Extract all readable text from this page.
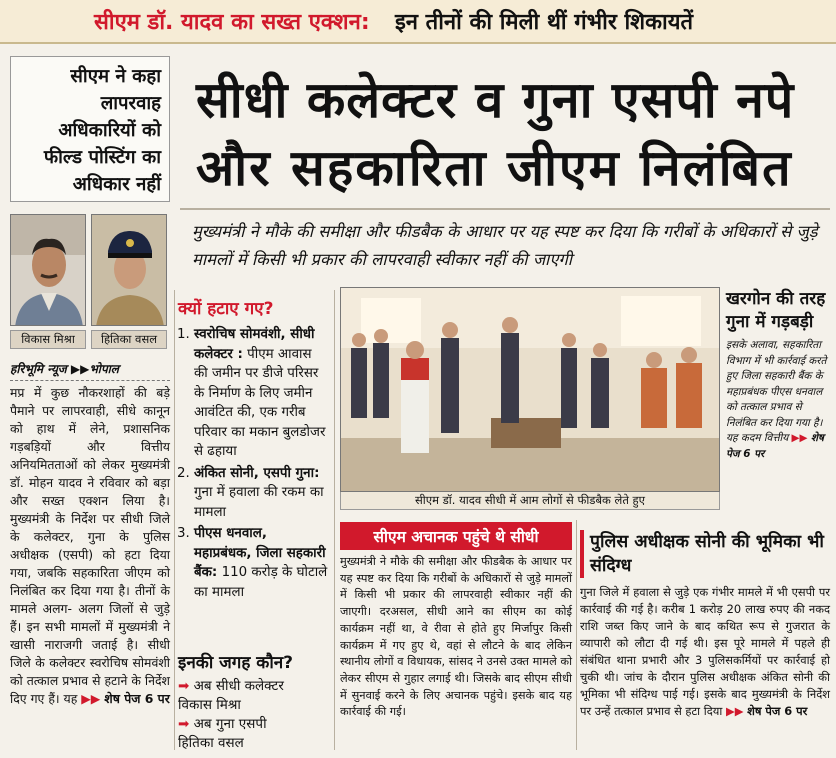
सीएम डॉ. यादव का सख्त एक्शन: इन तीनों की मिली थीं गंभीर शिकायतें
सीएम ने कहा
लापरवाह
अधिकारियों को
फील्ड पोस्टिंग का
अधिकार नहीं
सीधी कलेक्टर व गुना एसपी नपे
और सहकारिता जीएम निलंबित
मुख्यमंत्री ने मौके की समीक्षा और फीडबैक के आधार पर यह स्पष्ट कर दिया कि गरीबों के अधिकारों से जुड़े मामलों में किसी भी प्रकार की लापरवाही स्वीकार नहीं की जाएगी
विकास मिश्रा	हितिका वसल
हरिभूमि न्यूज ▶▶भोपाल

मप्र में कुछ नौकरशाहों की बड़े पैमाने पर लापरवाही, सीधे कानून को हाथ में लेने, प्रशासनिक गड़बड़ियों और वित्तीय अनियमितताओं को लेकर मुख्यमंत्री डॉ. मोहन यादव ने रविवार को बड़ा और सख्त एक्शन लिया है। मुख्यमंत्री के निर्देश पर सीधी जिले के कलेक्टर, गुना के पुलिस अधीक्षक (एसपी) को हटा दिया गया, जबकि सहकारिता जीएम को निलंबित कर दिया गया है। तीनों के मामले अलग- अलग जिलों से जुड़े हैं। इन सभी मामलों में मुख्यमंत्री ने खासी नाराजगी जताई है। सीधी जिले के कलेक्टर स्वरोचिष सोमवंशी को तत्काल प्रभाव से हटाने के निर्देश दिए गए हैं। यह ▶▶ शेष पेज 6 पर

क्यों हटाए गए?
1. स्वरोचिष सोमवंशी, सीधी कलेक्टर : पीएम आवास की जमीन पर डीजे परिसर के निर्माण के लिए जमीन आवंटित की, एक गरीब परिवार का मकान बुलडोजर से ढहाया
2. अंकित सोनी, एसपी गुना: गुना में हवाला की रकम का मामला
3. पीएस धनवाल, महाप्रबंधक, जिला सहकारी बैंक: 110 करोड़ के घोटाले का मामला
इनकी जगह कौन?
➡ अब सीधी कलेक्टर
विकास मिश्रा
➡ अब गुना एसपी
हितिका वसल
सीएम डॉ. यादव सीधी में आम लोगों से फीडबैक लेते हुए
खरगोन की तरह गुना में गड़बड़ी
इसके अलावा, सहकारिता विभाग में भी कार्रवाई करते हुए जिला सहकारी बैंक के महाप्रबंधक पीएस धनवाल को तत्काल प्रभाव से निलंबित कर दिया गया है। यह कदम वित्तीय ▶▶ शेष पेज 6 पर
सीएम अचानक पहुंचे थे सीधी
मुख्यमंत्री ने मौके की समीक्षा और फीडबैक के आधार पर यह स्पष्ट कर दिया कि गरीबों के अधिकारों से जुड़े मामलों में किसी भी प्रकार की लापरवाही स्वीकार नहीं की जाएगी। दरअसल, सीधी आने का सीएम का कोई कार्यक्रम नहीं था, वे रीवा से होते हुए मिर्जापुर किसी कार्यक्रम में गए हुए थे, वहां से लौटने के बाद लेकिन स्थानीय लोगों व विधायक, सांसद ने उनसे उक्त मामले को लेकर सीएम से गुहार लगाई थी। जिसके बाद सीएम सीधी में सुनवाई करने के लिए अचानक पहुंचे। इसके बाद यह कार्रवाई की गई।
पुलिस अधीक्षक सोनी की भूमिका भी संदिग्ध
गुना जिले में हवाला से जुड़े एक गंभीर मामले में भी एसपी पर कार्रवाई की गई है। करीब 1 करोड़ 20 लाख रुपए की नकद राशि जब्त किए जाने के बाद कथित रूप से गुजरात के व्यापारी को लौटा दी गई थी। इस पूरे मामले में पहले ही संबंधित थाना प्रभारी और 3 पुलिसकर्मियों पर कार्रवाई हो चुकी थी। जांच के दौरान पुलिस अधीक्षक अंकित सोनी की भूमिका भी संदिग्ध पाई गई। इसके बाद मुख्यमंत्री के निर्देश पर उन्हें तत्काल प्रभाव से हटा दिया ▶▶ शेष पेज 6 पर
